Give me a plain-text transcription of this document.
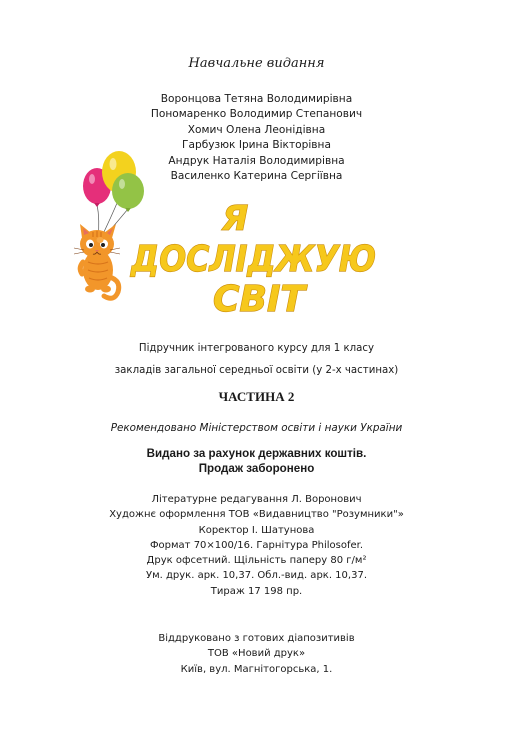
Навчальне видання
Воронцова Тетяна Володимирівна
Пономаренко Володимир Степанович
Хомич Олена Леонідівна
Гарбузюк Ірина Вікторівна
Андрук Наталія Володимирівна
Василенко Катерина Сергіївна
Я
ДОСЛІДЖУЮ
СВІТ
Підручник інтегрованого курсу для 1 класу
закладів загальної середньої освіти (у 2-х частинах)
ЧАСТИНА 2
Рекомендовано Міністерством освіти і науки України
Видано за рахунок державних коштів.
Продаж заборонено
Літературне редагування Л. Воронович
Художнє оформлення ТОВ «Видавництво "Розумники"»
Коректор І. Шатунова
Формат 70×100/16. Гарнітура Philosofer.
Друк офсетний. Щільність паперу 80 г/м²
Ум. друк. арк. 10,37. Обл.-вид. арк. 10,37.
Тираж 17 198 пр.
Віддруковано з готових діапозитивів
ТОВ «Новий друк»
Київ, вул. Магнітогорська, 1.
